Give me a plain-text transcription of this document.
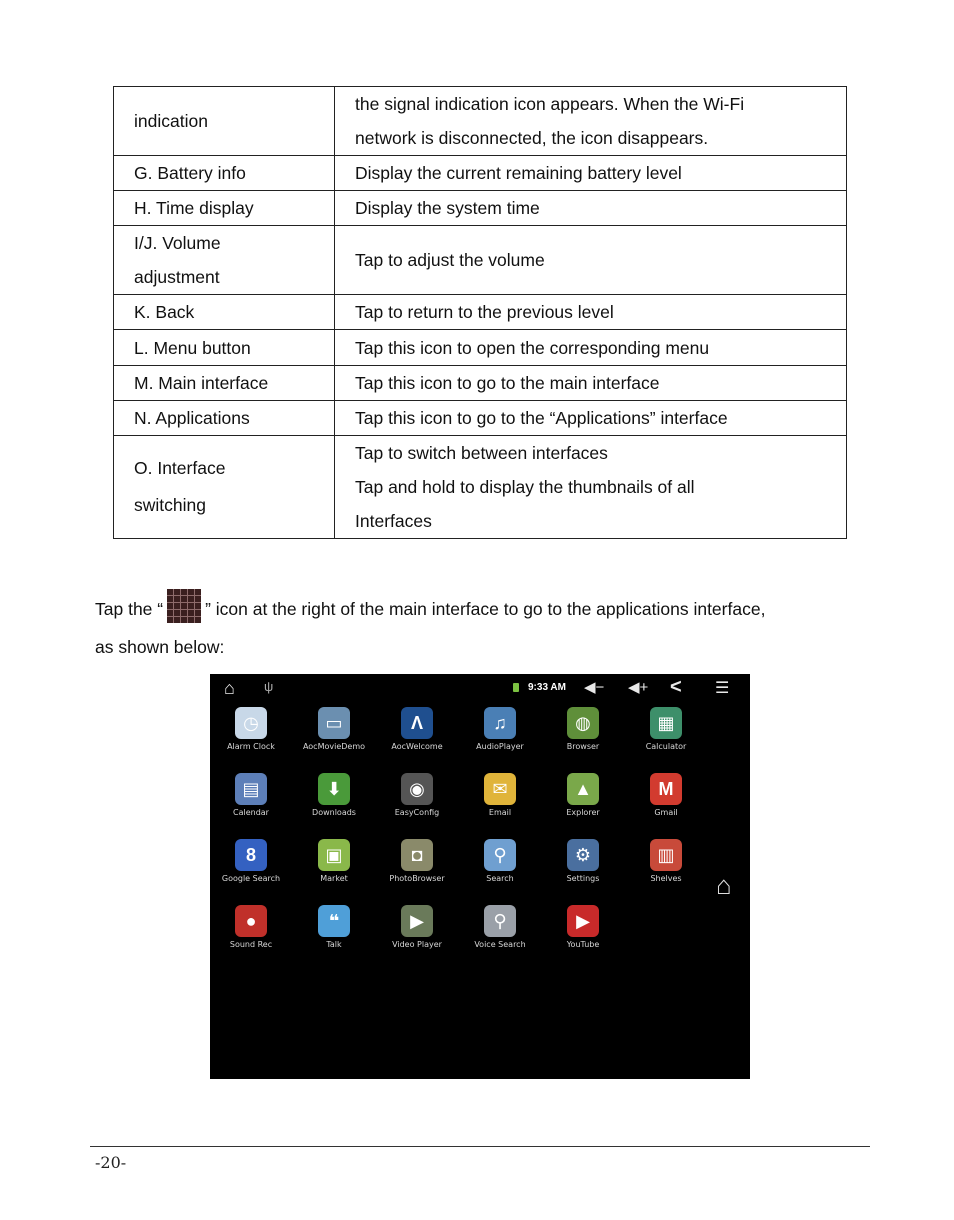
indication	the signal indication icon appears. When the Wi-Fi
network is disconnected, the icon disappears.

G. Battery info	Display the current remaining battery level

H. Time display	Display the system time

I/J. Volume
adjustment	Tap to adjust the volume

K. Back	Tap to return to the previous level

L. Menu button	Tap this icon to open the corresponding menu

M. Main interface	Tap this icon to go to the main interface

N. Applications	Tap this icon to go to the “Applications” interface

O. Interface
switching	Tap to switch between interfaces
Tap and hold to display the thumbnails of all
Interfaces
Tap the “ ” icon at the right of the main interface to go to the applications interface,
as shown below:
⌂ ψ	9:33 AM ◀− ◀+ < ☰
◷
Alarm Clock
▭
AocMovieDemo
Λ
AocWelcome
♫
AudioPlayer
◍
Browser
▦
Calculator
▤
Calendar
⬇
Downloads
◉
EasyConfig
✉
Email
▲
Explorer
M
Gmail
8
Google Search
▣
Market
◘
PhotoBrowser
⚲
Search
⚙
Settings
▥
Shelves
●
Sound Rec
❝
Talk
▶
Video Player
⚲
Voice Search
▶
YouTube
⌂
-20-
